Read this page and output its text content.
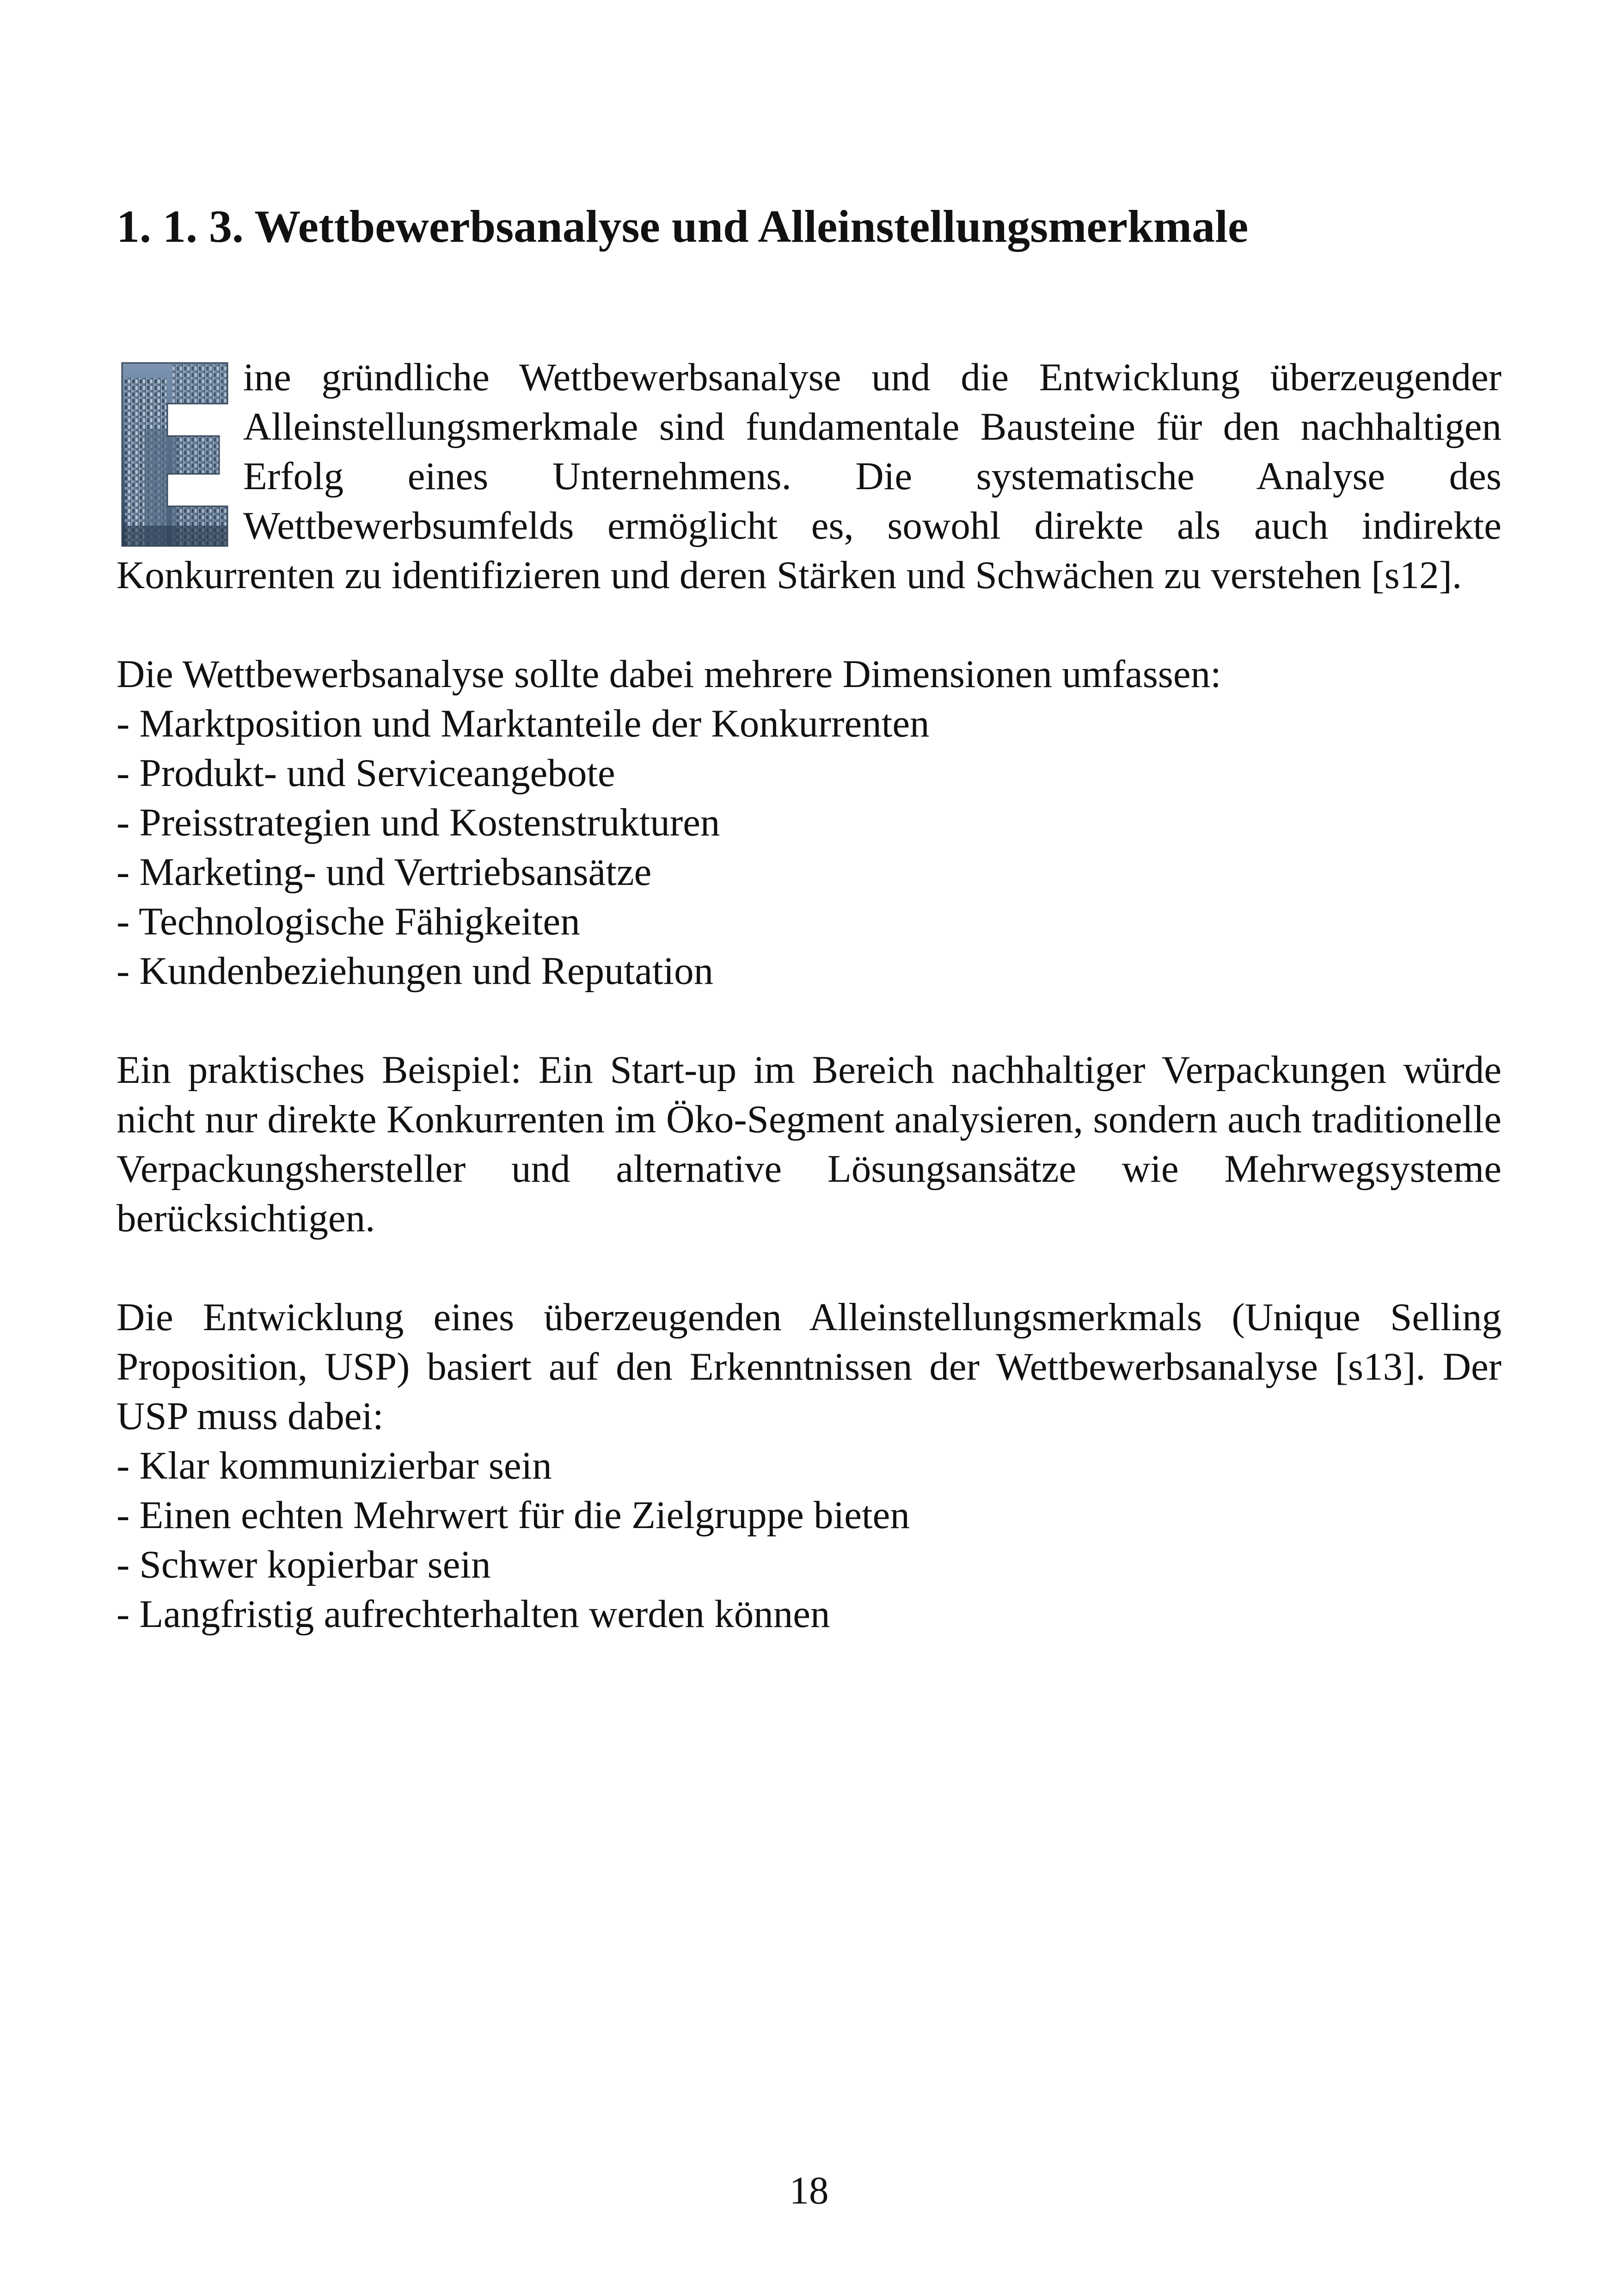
1. 1. 3. Wettbewerbsanalyse und Alleinstellungsmerkmale

ine gründliche Wettbewerbsanalyse und die Entwicklung überzeugender Alleinstellungsmerkmale sind fundamentale Bausteine für den nachhaltigen Erfolg eines Unternehmens. Die systematische Analyse des Wettbewerbsumfelds ermöglicht es, sowohl direkte als auch indirekte Konkurrenten zu identifizieren und deren Stärken und Schwächen zu verstehen [s12].

Die Wettbewerbsanalyse sollte dabei mehrere Dimensionen umfassen:
- Marktposition und Marktanteile der Konkurrenten
- Produkt- und Serviceangebote
- Preisstrategien und Kostenstrukturen
- Marketing- und Vertriebsansätze
- Technologische Fähigkeiten
- Kundenbeziehungen und Reputation

Ein praktisches Beispiel: Ein Start-up im Bereich nachhaltiger Verpackungen würde nicht nur direkte Konkurrenten im Öko-Segment analysieren, sondern auch traditionelle Verpackungshersteller und alternative Lösungsansätze wie Mehrwegsysteme berücksichtigen.

Die Entwicklung eines überzeugenden Alleinstellungsmerkmals (Unique Selling Proposition, USP) basiert auf den Erkenntnissen der Wettbewerbsanalyse [s13]. Der USP muss dabei:

- Klar kommunizierbar sein
- Einen echten Mehrwert für die Zielgruppe bieten
- Schwer kopierbar sein
- Langfristig aufrechterhalten werden können
18
